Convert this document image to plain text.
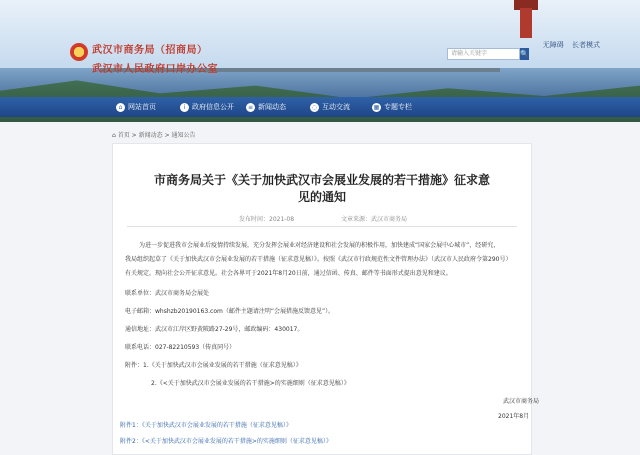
武汉市商务局（招商局）
武汉市人民政府口岸办公室
无障碍 长者模式
请输入关键字	🔍
⌂ 网站首页	i 政府信息公开	≡ 新闻动态	◌ 互动交流	▦ 专题专栏
⌂ 首页 > 新闻动态 > 通知公告
市商务局关于《关于加快武汉市会展业发展的若干措施》征求意见的通知
发布时间：2021-08	文章来源：武汉市商务局
为进一步促进我市会展业后疫情持续发展，充分发挥会展业对经济建设和社会发展的积极作用，加快建成“国家会展中心城市”，经研究，
我局组织起草了《关于加快武汉市会展业发展的若干措施（征求意见稿）》。按照《武汉市行政规范性文件管理办法》（武汉市人民政府令第290号）
有关规定，现向社会公开征求意见。社会各界可于2021年8月20日前，通过信函、传真、邮件等书面形式提出意见和建议。
联系单位：武汉市商务局会展处
电子邮箱：whshzb20190163.com（邮件主题请注明“会展措施反馈意见”）。
通信地址：武汉市江岸区野黄陂路27-29号，邮政编码：430017。
联系电话：027-82210593（传真同号）
附件：1.《关于加快武汉市会展业发展的若干措施（征求意见稿）》
2.《<关于加快武汉市会展业发展的若干措施>的实施细则（征求意见稿）》
武汉市商务局
2021年8月
附件1：《关于加快武汉市会展业发展的若干措施（征求意见稿）》
附件2：《<关于加快武汉市会展业发展的若干措施>的实施细则（征求意见稿）》
